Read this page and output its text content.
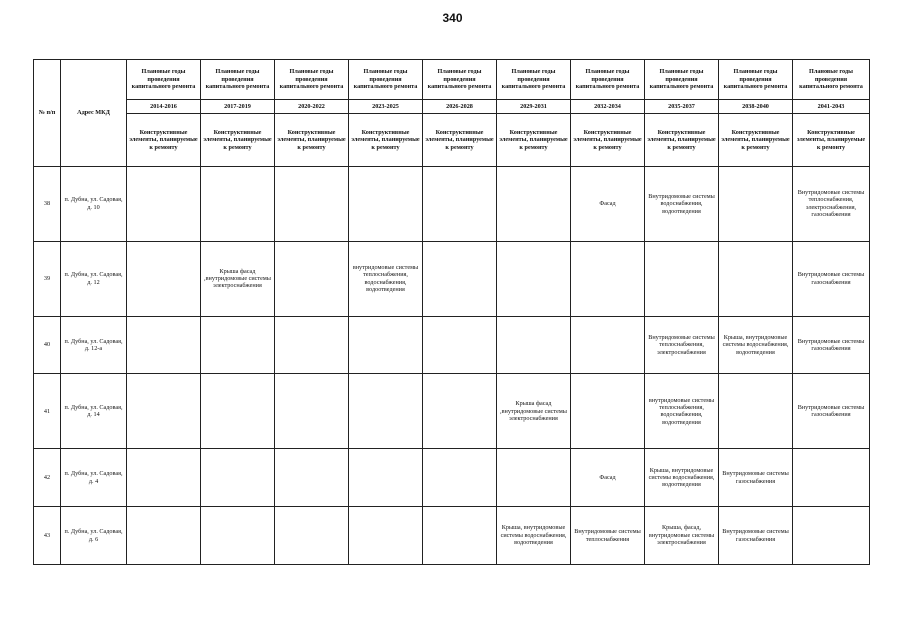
340
№ п/п	Адрес МКД	Плановые годы проведения капитального ремонта	Плановые годы проведения капитального ремонта	Плановые годы проведения капитального ремонта	Плановые годы проведения капитального ремонта	Плановые годы проведения капитального ремонта	Плановые годы проведения капитального ремонта	Плановые годы проведения капитального ремонта	Плановые годы проведения капитального ремонта	Плановые годы проведения капитального ремонта	Плановые годы проведения капитального ремонта
		2014-2016	2017-2019	2020-2022	2023-2025	2026-2028	2029-2031	2032-2034	2035-2037	2038-2040	2041-2043
		Конструктивные элементы, планируемые к ремонту	Конструктивные элементы, планируемые к ремонту	Конструктивные элементы, планируемые к ремонту	Конструктивные элементы, планируемые к ремонту	Конструктивные элементы, планируемые к ремонту	Конструктивные элементы, планируемые к ремонту	Конструктивные элементы, планируемые к ремонту	Конструктивные элементы, планируемые к ремонту	Конструктивные элементы, планируемые к ремонту	Конструктивные элементы, планируемые к ремонту
38	п. Дубна, ул. Садовая, д. 10							Фасад	Внутридомовые системы водоснабжения, водоотведения		Внутридомовые системы теплоснабжения, электроснабжения, газоснабжения
39	п. Дубна, ул. Садовая, д. 12		Крыша фасад ,внутридомовые системы электроснабжения		внутридомовые системы теплоснабжения, водоснабжения, водоотведения						Внутридомовые системы газоснабжения
40	п. Дубна, ул. Садовая, д. 12-а								Внутридомовые системы теплоснабжения, электроснабжения	Крыша, внутридомовые системы водоснабжения, водоотведения	Внутридомовые системы газоснабжения
41	п. Дубна, ул. Садовая, д. 14						Крыша фасад ,внутридомовые системы электроснабжения		внутридомовые системы теплоснабжения, водоснабжения, водоотведения		Внутридомовые системы газоснабжения
42	п. Дубна, ул. Садовая, д. 4							Фасад	Крыша, внутридомовые системы водоснабжения, водоотведения	Внутридомовые системы газоснабжения	
43	п. Дубна, ул. Садовая, д. 6						Крыша, внутридомовые системы водоснабжения, водоотведения	Внутридомовые системы теплоснабжения	Крыша, фасад, внутридомовые системы электроснабжения	Внутридомовые системы газоснабжения	
